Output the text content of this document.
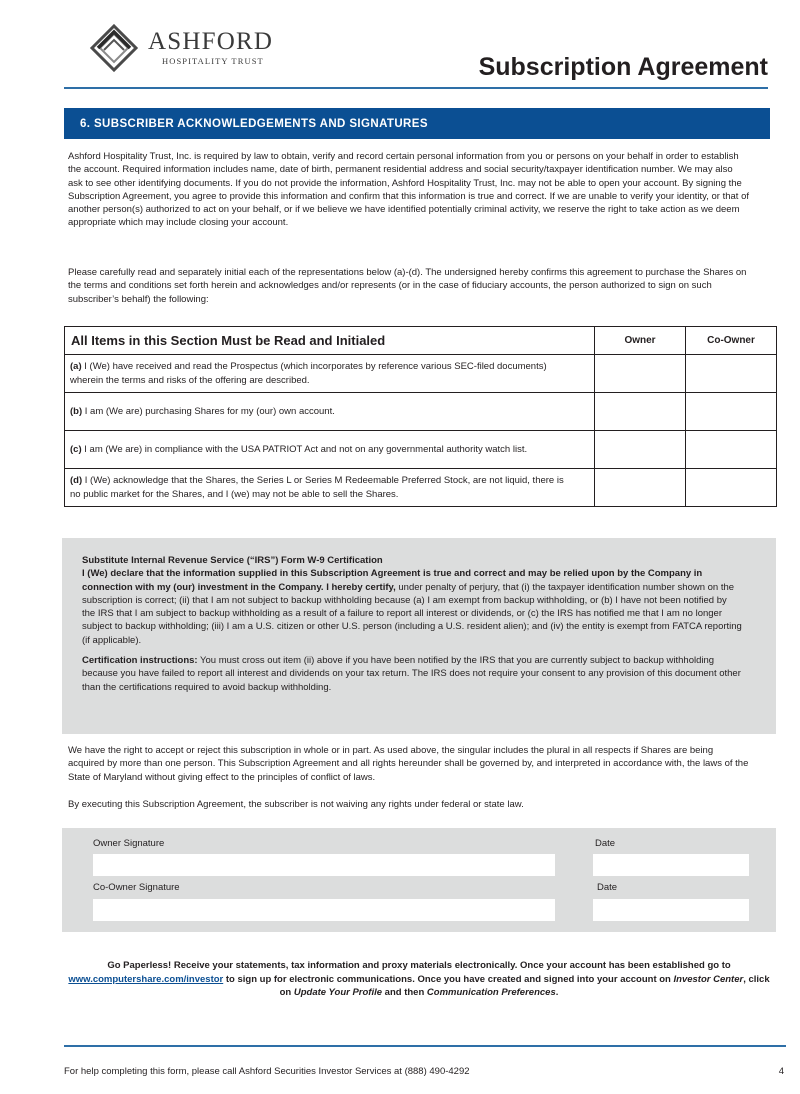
ASHFORD
HOSPITALITY TRUST	Subscription Agreement
6. SUBSCRIBER ACKNOWLEDGEMENTS AND SIGNATURES

Ashford Hospitality Trust, Inc. is required by law to obtain, verify and record certain personal information from you or persons on your behalf in order to establish the account. Required information includes name, date of birth, permanent residential address and social security/taxpayer identification number. We may also ask to see other identifying documents. If you do not provide the information, Ashford Hospitality Trust, Inc. may not be able to open your account. By signing the Subscription Agreement, you agree to provide this information and confirm that this information is true and correct. If we are unable to verify your identity, or that of another person(s) authorized to act on your behalf, or if we believe we have identified potentially criminal activity, we reserve the right to take action as we deem appropriate which may include closing your account.

Please carefully read and separately initial each of the representations below (a)-(d). The undersigned hereby confirms this agreement to purchase the Shares on the terms and conditions set forth herein and acknowledges and/or represents (or in the case of fiduciary accounts, the person authorized to sign on such subscriber’s behalf) the following:

All Items in this Section Must be Read and Initialed	Owner	Co-Owner
(a) I (We) have received and read the Prospectus (which incorporates by reference various SEC-filed documents) wherein the terms and risks of the offering are described.		
(b) I am (We are) purchasing Shares for my (our) own account.		
(c) I am (We are) in compliance with the USA PATRIOT Act and not on any governmental authority watch list.		
(d) I (We) acknowledge that the Shares, the Series L or Series M Redeemable Preferred Stock, are not liquid, there is no public market for the Shares, and I (we) may not be able to sell the Shares.		

Substitute Internal Revenue Service (“IRS”) Form W-9 Certification
I (We) declare that the information supplied in this Subscription Agreement is true and correct and may be relied upon by the Company in connection with my (our) investment in the Company. I hereby certify, under penalty of perjury, that (i) the taxpayer identification number shown on the subscription is correct; (ii) that I am not subject to backup withholding because (a) I am exempt from backup withholding, or (b) I have not been notified by the IRS that I am subject to backup withholding as a result of a failure to report all interest or dividends, or (c) the IRS has notified me that I am no longer subject to backup withholding; (iii) I am a U.S. citizen or other U.S. person (including a U.S. resident alien); and (iv) the entity is exempt from FATCA reporting (if applicable).

Certification instructions: You must cross out item (ii) above if you have been notified by the IRS that you are currently subject to backup withholding because you have failed to report all interest and dividends on your tax return. The IRS does not require your consent to any provision of this document other than the certifications required to avoid backup withholding.

We have the right to accept or reject this subscription in whole or in part. As used above, the singular includes the plural in all respects if Shares are being acquired by more than one person. This Subscription Agreement and all rights hereunder shall be governed by, and interpreted in accordance with, the laws of the State of Maryland without giving effect to the principles of conflict of laws.

By executing this Subscription Agreement, the subscriber is not waiving any rights under federal or state law.

Owner Signature	Date
Co-Owner Signature	Date
Go Paperless! Receive your statements, tax information and proxy materials electronically. Once your account has been established go to www.computershare.com/investor to sign up for electronic communications. Once you have created and signed into your account on Investor Center, click on Update Your Profile and then Communication Preferences.
For help completing this form, please call Ashford Securities Investor Services at (888) 490-4292	4
